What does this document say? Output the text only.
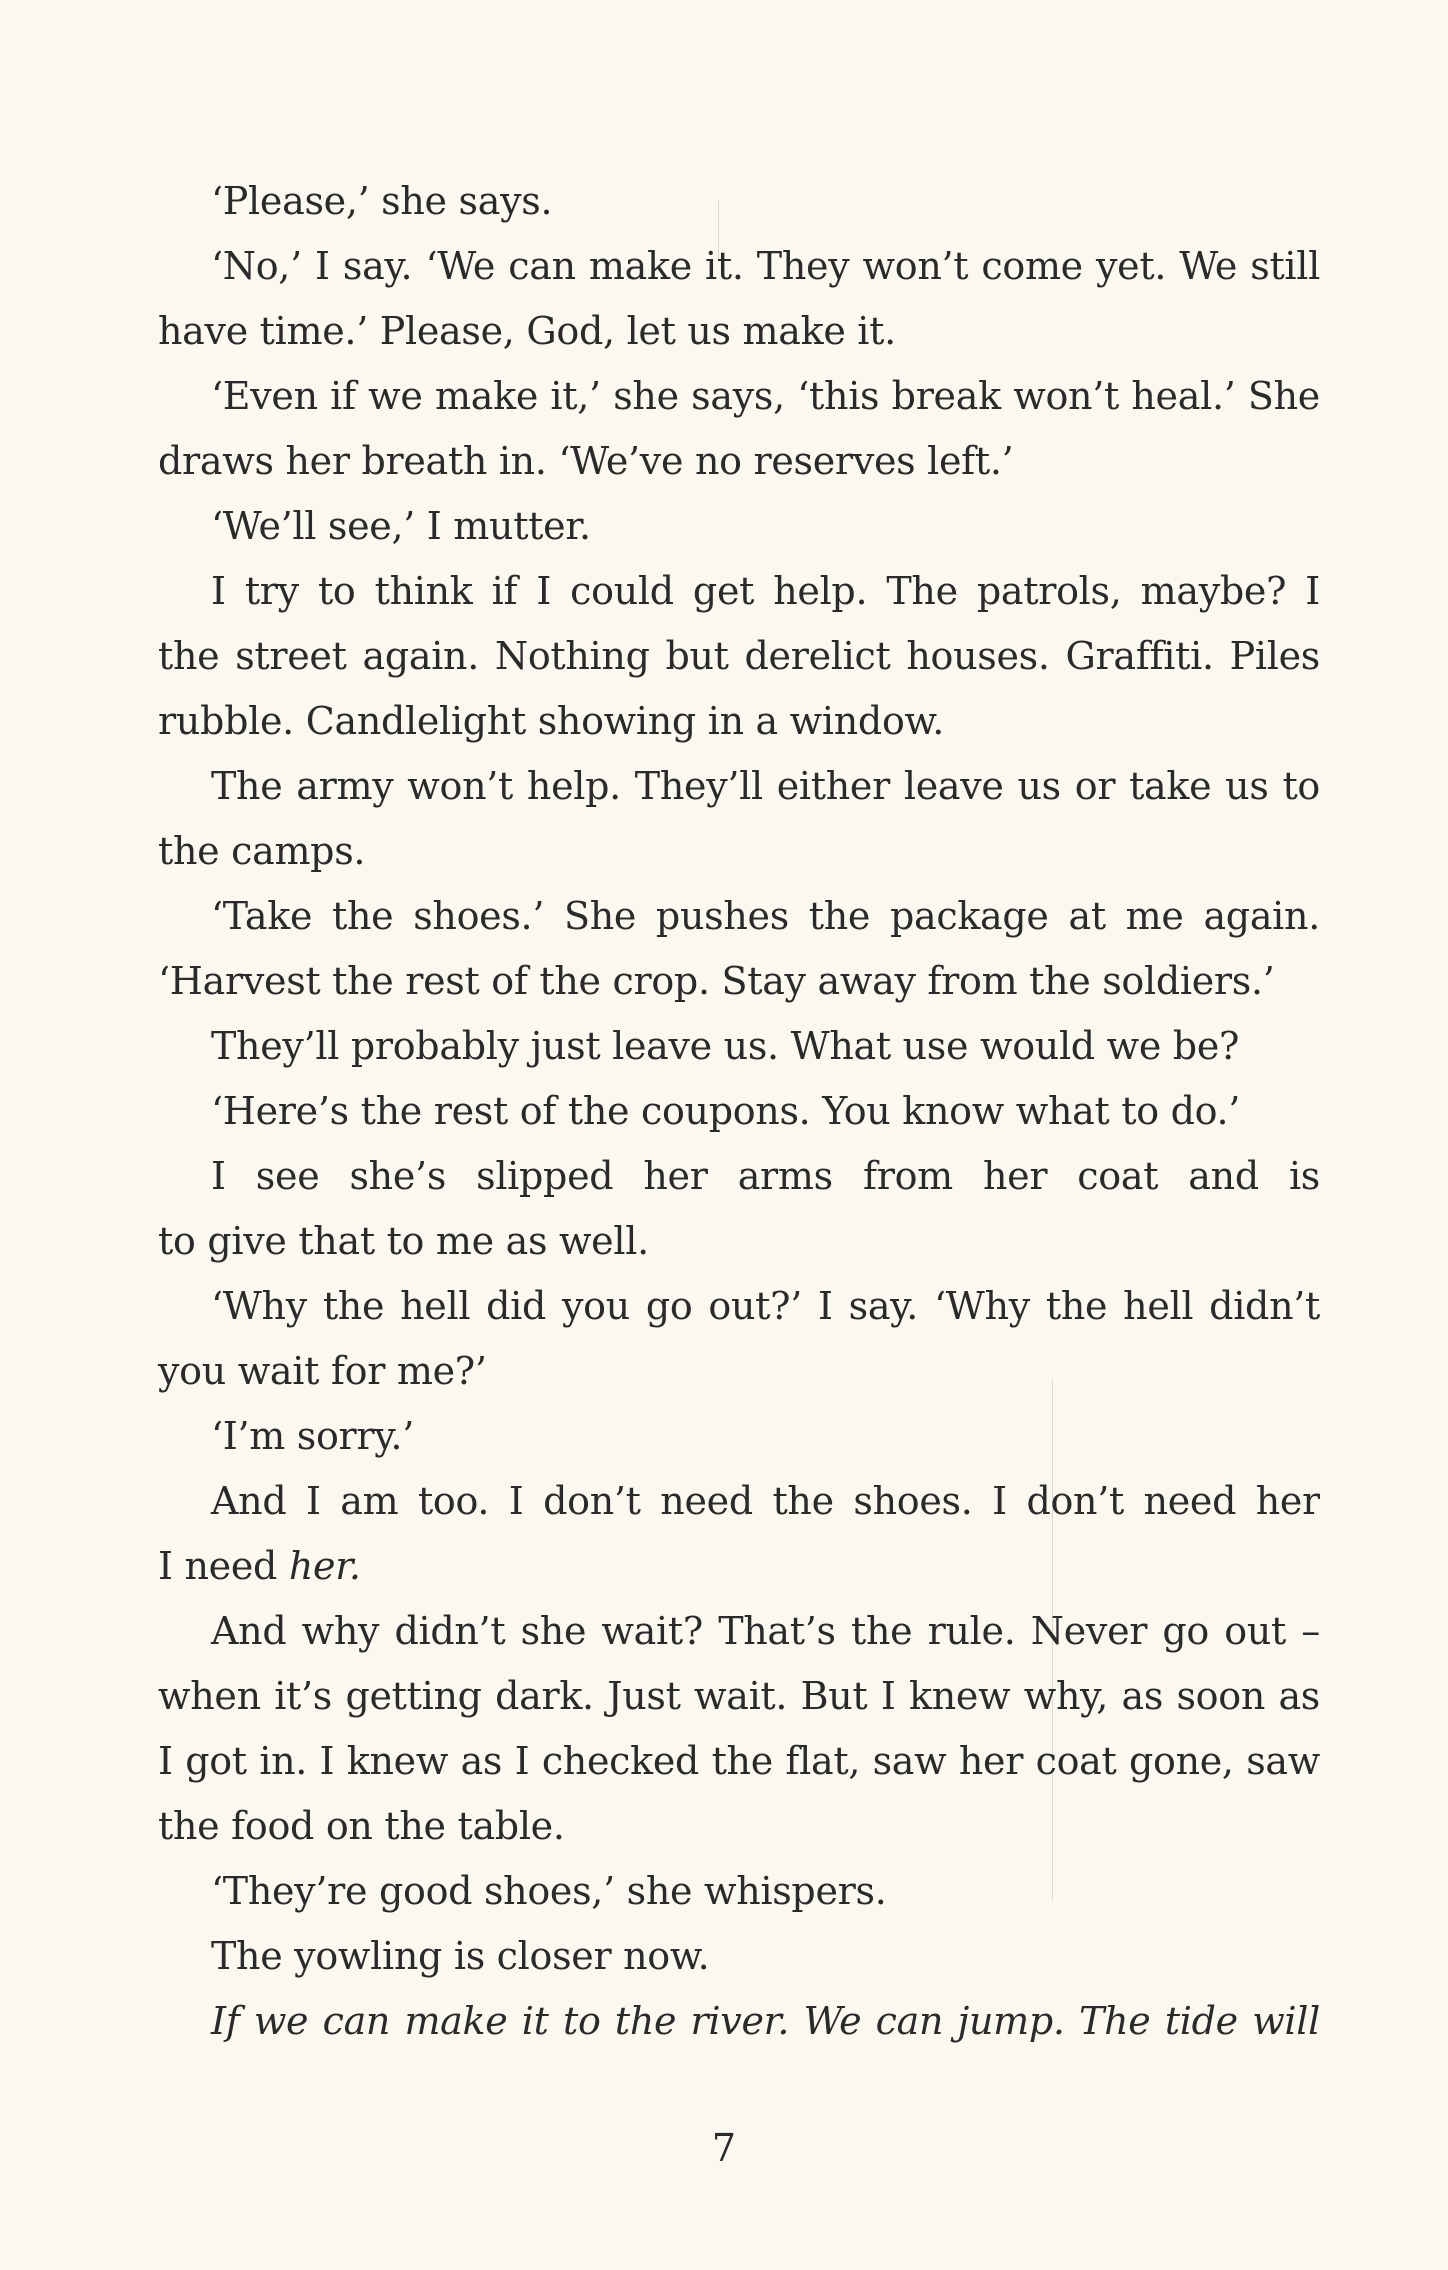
‘Please,’ she says.
‘No,’ I say. ‘We can make it. They won’t come yet. We still
have time.’ Please, God, let us make it.
‘Even if we make it,’ she says, ‘this break won’t heal.’ She
draws her breath in. ‘We’ve no reserves left.’
‘We’ll see,’ I mutter.
I try to think if I could get help. The patrols, maybe? I
the street again. Nothing but derelict houses. Graffiti. Piles
rubble. Candlelight showing in a window.
The army won’t help. They’ll either leave us or take us to
the camps.
‘Take the shoes.’ She pushes the package at me again.
‘Harvest the rest of the crop. Stay away from the soldiers.’
They’ll probably just leave us. What use would we be?
‘Here’s the rest of the coupons. You know what to do.’
I see she’s slipped her arms from her coat and is
to give that to me as well.
‘Why the hell did you go out?’ I say. ‘Why the hell didn’t
you wait for me?’
‘I’m sorry.’
And I am too. I don’t need the shoes. I don’t need her
I need her.
And why didn’t she wait? That’s the rule. Never go out –
when it’s getting dark. Just wait. But I knew why, as soon as
I got in. I knew as I checked the flat, saw her coat gone, saw
the food on the table.
‘They’re good shoes,’ she whispers.
The yowling is closer now.
If we can make it to the river. We can jump. The tide will
7
